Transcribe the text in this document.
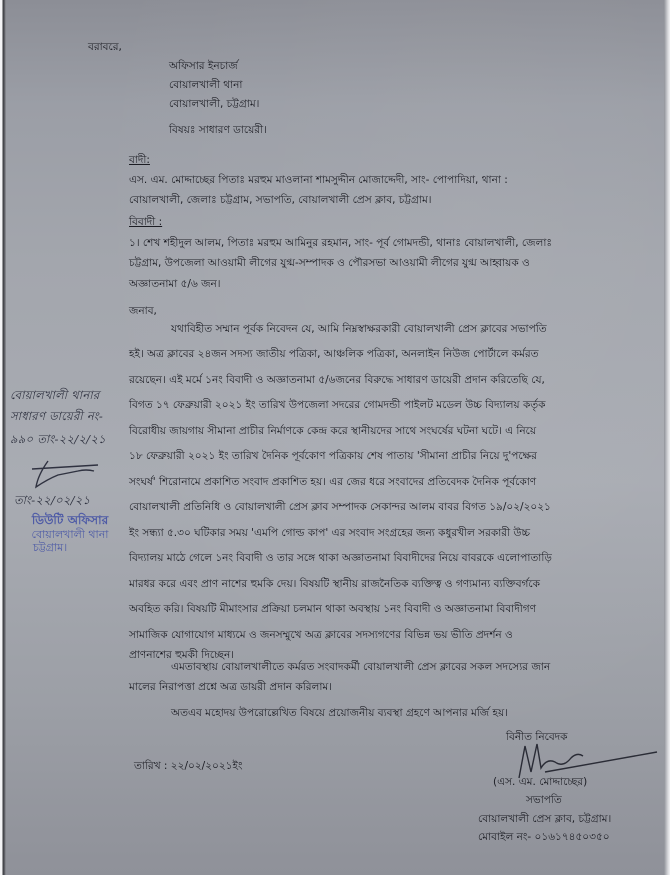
বরাবরে,
অফিসার ইনচার্জ
বোয়ালখালী থানা
বোয়ালখালী, চট্টগ্রাম।
বিষয়ঃ সাধারণ ডায়েরী।
বাদী:
এস. এম. মোদ্দাচ্ছের পিতাঃ মরহুম মাওলানা শামসুদ্দীন মোজাদ্দেদী, সাং- পোপাদিয়া, থানা :
বোয়ালখালী, জেলাঃ চট্টগ্রাম, সভাপতি, বোয়ালখালী প্রেস ক্লাব, চট্টগ্রাম।
বিবাদী :
১। শেখ শহীদুল আলম, পিতাঃ মরহুম আমিনুর রহমান, সাং- পূর্ব গোমদন্ডী, থানাঃ বোয়ালখালী, জেলাঃ
চট্টগ্রাম, উপজেলা আওয়ামী লীগের যুগ্ম-সম্পাদক ও পৌরসভা আওয়ামী লীগের যুগ্ম আহ্বায়ক ও
অজ্ঞাতনামা ৫/৬ জন।
জনাব,
যথাবিহীত সম্মান পূর্বক নিবেদন যে, আমি নিম্নস্বাক্ষরকারী বোয়ালখালী প্রেস ক্লাবের সভাপতি
হই। অত্র ক্লাবের ২৪জন সদস্য জাতীয় পত্রিকা, আঞ্চলিক পত্রিকা, অনলাইন নিউজ পোর্টালে কর্মরত
রয়েছেন। এই মর্মে ১নং বিবাদী ও অজ্ঞাতনামা ৫/৬জনের বিরুদ্ধে সাধারণ ডায়েরী প্রদান করিতেছি যে,
বিগত ১৭ ফেব্রুয়ারী ২০২১ ইং তারিখ উপজেলা সদরের গোমদন্ডী পাইলট মডেল উচ্চ বিদ্যালয় কর্তৃক
বিরোধীয় জায়গায় সীমানা প্রাচীর নির্মাণকে কেন্দ্র করে স্থানীয়দের সাথে সংঘর্ষের ঘটনা ঘটে। এ নিয়ে
১৮ ফেব্রুয়ারী ২০২১ ইং তারিখ দৈনিক পূর্বকোণ পত্রিকায় শেষ পাতায় 'সীমানা প্রাচীর নিয়ে দু'পক্ষের
সংঘর্ষ' শিরোনামে প্রকাশিত সংবাদ প্রকাশিত হয়। এর জের ধরে সংবাদের প্রতিবেদক দৈনিক পূর্বকোণ
বোয়ালখালী প্রতিনিধি ও বোয়ালখালী প্রেস ক্লাব সম্পাদক সেকান্দর আলম বাবর বিগত ১৯/০২/২০২১
ইং সন্ধ্যা ৫.৩০ ঘটিকার সময় 'এমপি গোল্ড কাপ' এর সংবাদ সংগ্রহের জন্য কধুরখীল সরকারী উচ্চ
বিদ্যালয় মাঠে গেলে ১নং বিবাদী ও তার সঙ্গে থাকা অজ্ঞাতনামা বিবাদীদের নিয়ে বাবরকে এলোপাতাড়ি
মারধর করে এবং প্রাণ নাশের হুমকি দেয়। বিষয়টি স্থানীয় রাজনৈতিক ব্যক্তিত্ব ও গণ্যমান্য ব্যক্তিবর্গকে
অবহিত করি। বিষয়টি মীমাংসার প্রক্রিয়া চলমান থাকা অবস্থায় ১নং বিবাদী ও অজ্ঞাতনামা বিবাদীগণ
সামাজিক যোগাযোগ মাধ্যমে ও জনসম্মুখে অত্র ক্লাবের সদস্যগণের বিভিন্ন ভয় ভীতি প্রদর্শন ও
প্রাণনাশের হুমকী দিচ্ছেন।
এমতাবস্থায় বোয়ালখালীতে কর্মরত সংবাদকর্মী বোয়ালখালী প্রেস ক্লাবের সকল সদস্যের জান
মালের নিরাপত্তা প্রশ্নে অত্র ডায়রী প্রদান করিলাম।
অতএব মহোদয় উপরোল্লেখিত বিষয়ে প্রয়োজনীয় ব্যবস্থা গ্রহণে আপনার মর্জি হয়।
তারিখ : ২২/০২/২০২১ইং
বিনীত নিবেদক
(এস. এম. মোদ্দাচ্ছের)
সভাপতি
বোয়ালখালী প্রেস ক্লাব, চট্টগ্রাম।
মোবাইল নং- ০১৬১৭৪৫০৩৫০
বোয়ালখালী থানার
সাধারণ ডায়েরী নং-
৯৯০ তাং-২২/২/২১
তাং-২২/০২/২১
ডিউটি অফিসার
বোয়ালখালী থানা
চট্টগ্রাম।
